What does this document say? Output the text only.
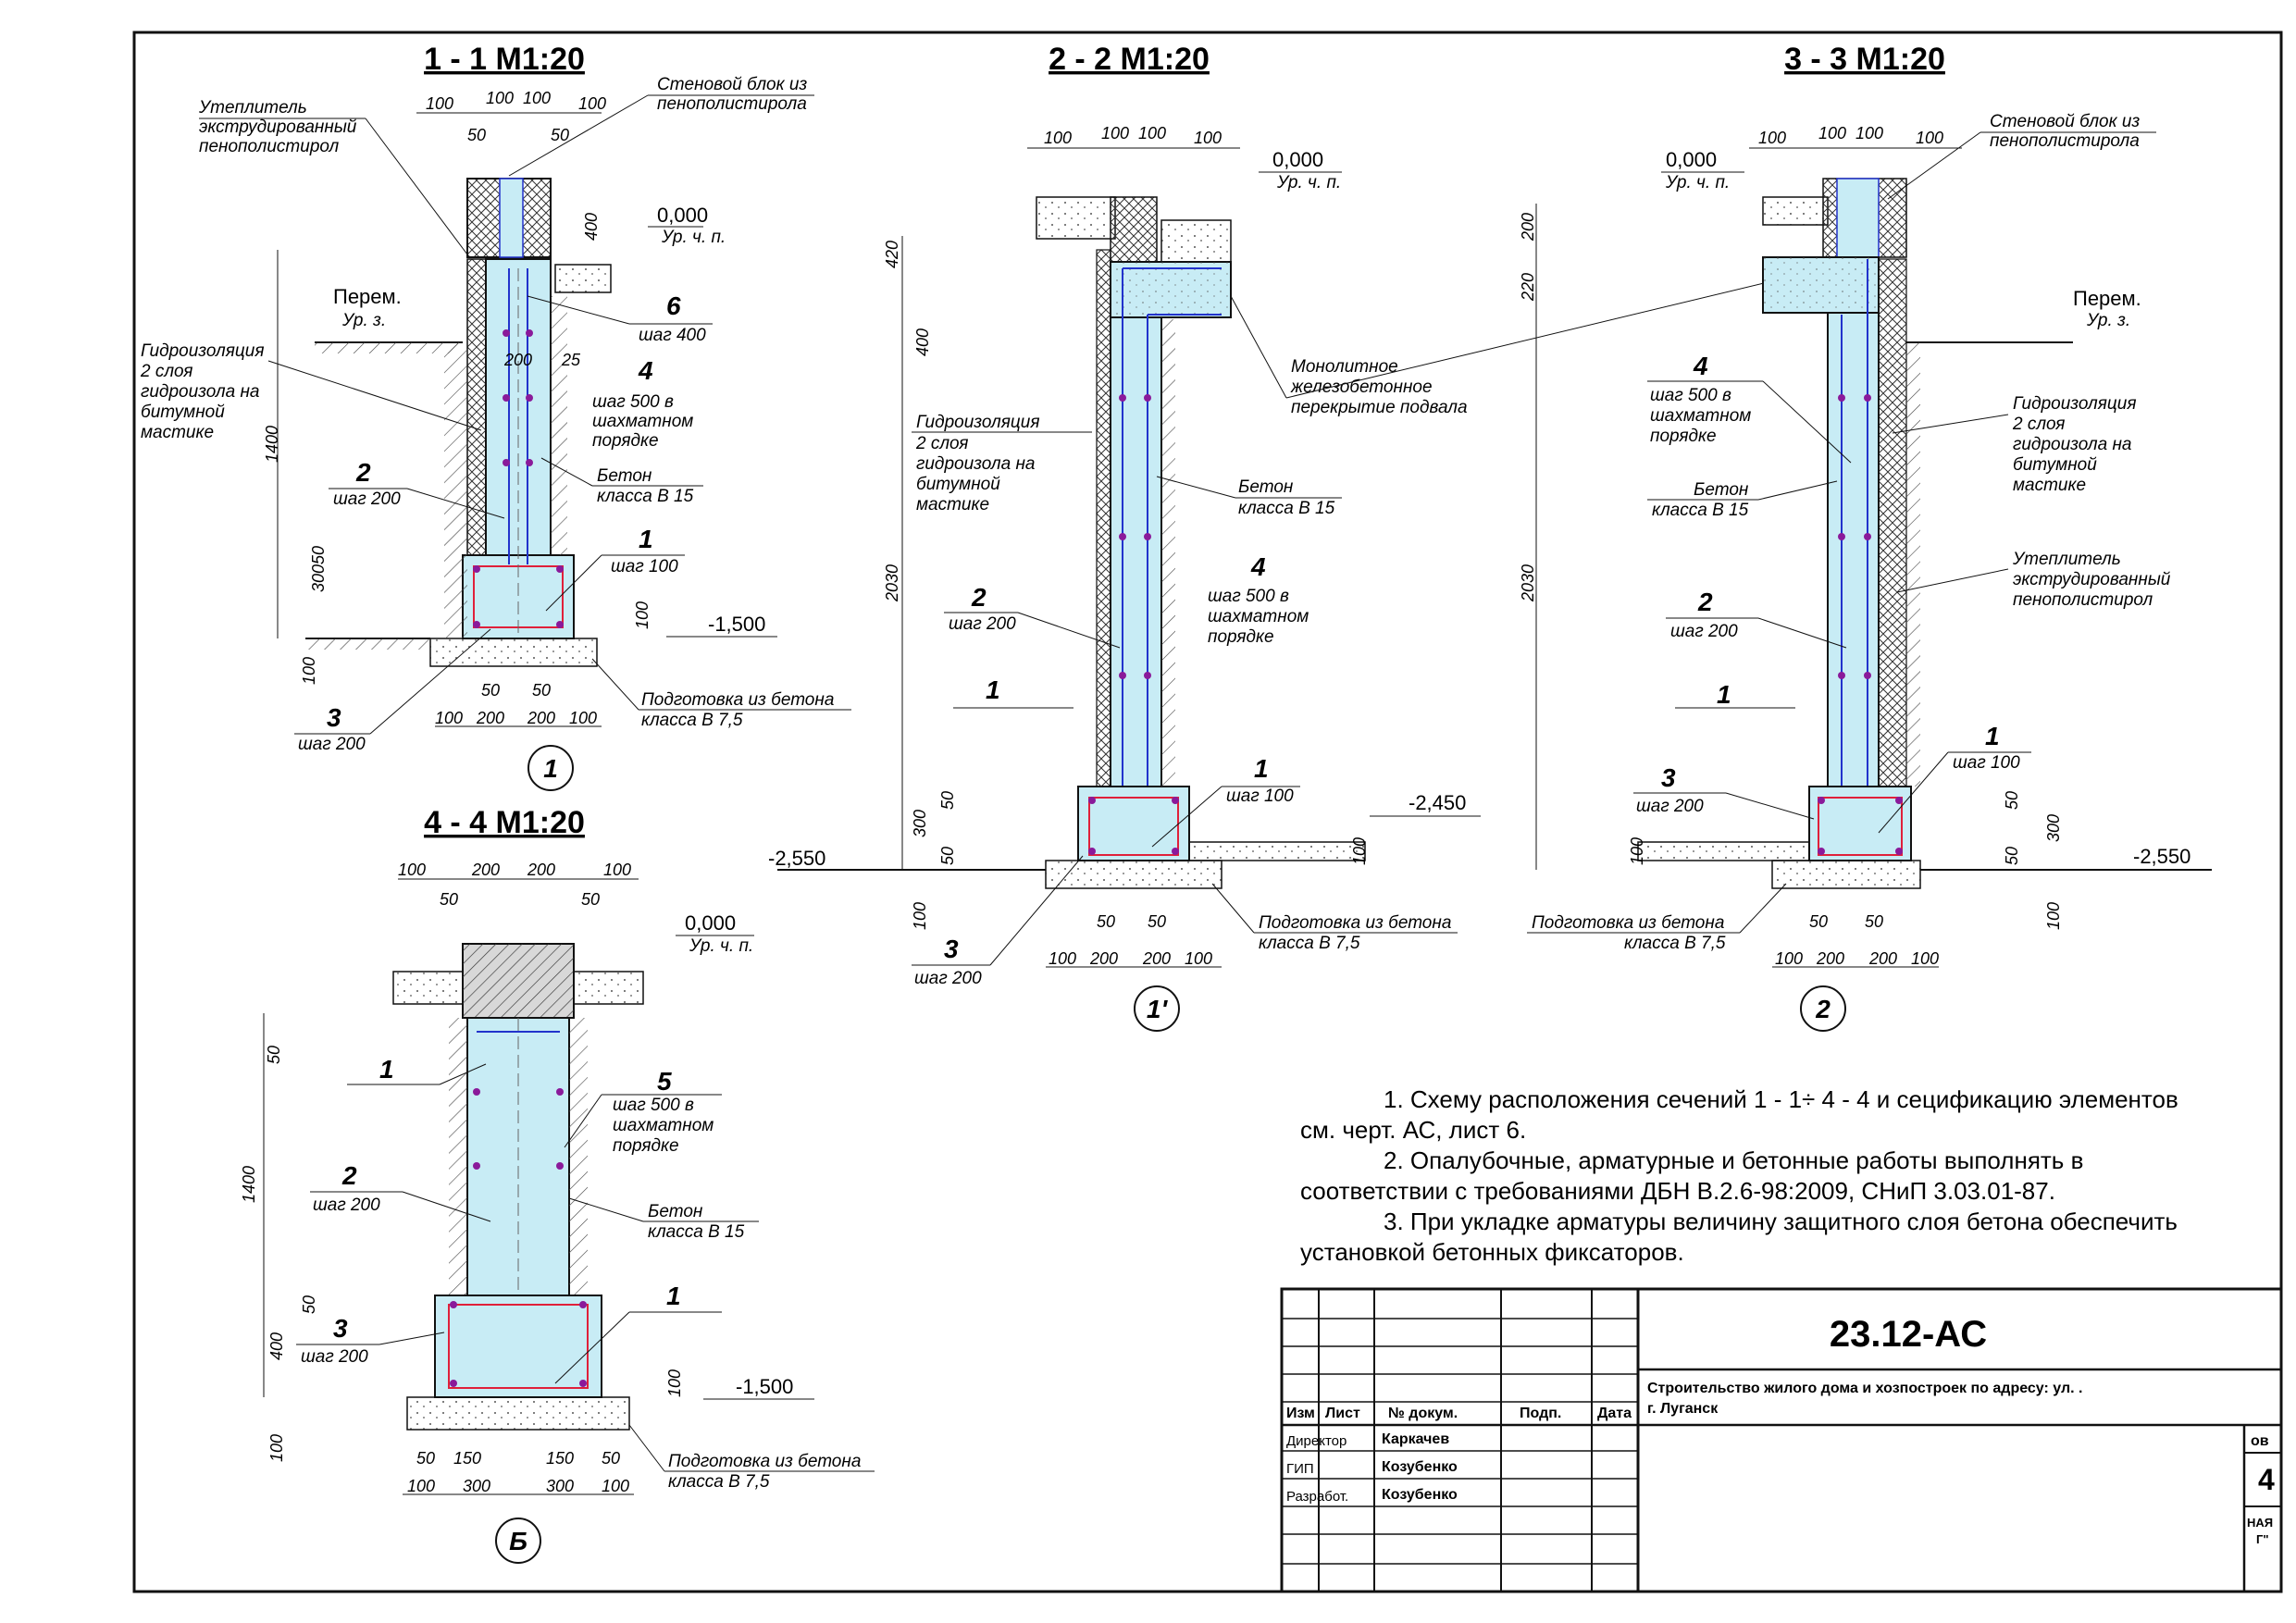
1 - 1 М1:20
1
Утеплитель
экструдированный
пенополистирол
Стеновой блок из
пенополистирола
Гидроизоляция
2 слоя
гидроизола на
битумной
мастике
Перем.
Ур. з.
0,000
Ур. ч. п.
6
шаг 400
4
шаг 500 в
шахматном
порядке
Бетон
класса В 15
2
шаг 200
1
шаг 100
-1,500
3
шаг 200
Подготовка из бетона
класса В 7,5
100 100 100 100
50	50
200 25
1400
300
50
100
50 50
100 200 200 100
400
100
2 - 2 М1:20
1'
0,000
Ур. ч. п.
Монолитное
железобетонное
перекрытие подвала
Гидроизоляция
2 слоя
гидроизола на
битумной
мастике
Бетон
класса В 15
4
шаг 500 в
шахматном
порядке
2
шаг 200
1
1
шаг 100	-2,450
-2,550
3
шаг 200
Подготовка из бетона
класса В 7,5
100 100 100 100
420
400
2030
300
50
50
100
100
50 50
100 200 200 100
3 - 3 М1:20
2
Стеновой блок из
пенополистирола
0,000
Ур. ч. п.
Перем.
Ур. з.
4
шаг 500 в
шахматном
порядке
Бетон
класса В 15
Гидроизоляция
2 слоя
гидроизола на
битумной
мастике
Утеплитель
экструдированный
пенополистирол
2
шаг 200
1
1
шаг 100
3
шаг 200
-2,550
Подготовка из бетона
класса В 7,5
100 100 100 100
200
220
2030
100
50
50
300
100
50 50
100 200 200 100
4 - 4 М1:20
Б
0,000
Ур. ч. п.
1	5
шаг 500 в
шахматном
порядке
2
шаг 200	Бетон
класса В 15
1
3
шаг 200
-1,500
Подготовка из бетона
класса В 7,5
100	200 200	100
50	50
50
1400
50
400
100
100	50 150	150 50
100 300	300 100
1. Схему расположения сечений 1 - 1÷ 4 - 4 и сецификацию элементов
см. черт. АС, лист 6.
2. Опалубочные, арматурные и бетонные работы выполнять в
соответствии с требованиями ДБН В.2.6-98:2009, СНиП 3.03.01-87.
3. При укладке арматуры величину защитного слоя бетона обеспечить
установкой бетонных фиксаторов.
23.12-АС
Строительство жилого дома и хозпостроек по адресу: ул. .
г. Луганск
Изм Лист № докум.	Подп. Дата
Директор Каркачев
ГИП	Козубенко
Разработ. Козубенко
ов
4
НАЯ
Г"
